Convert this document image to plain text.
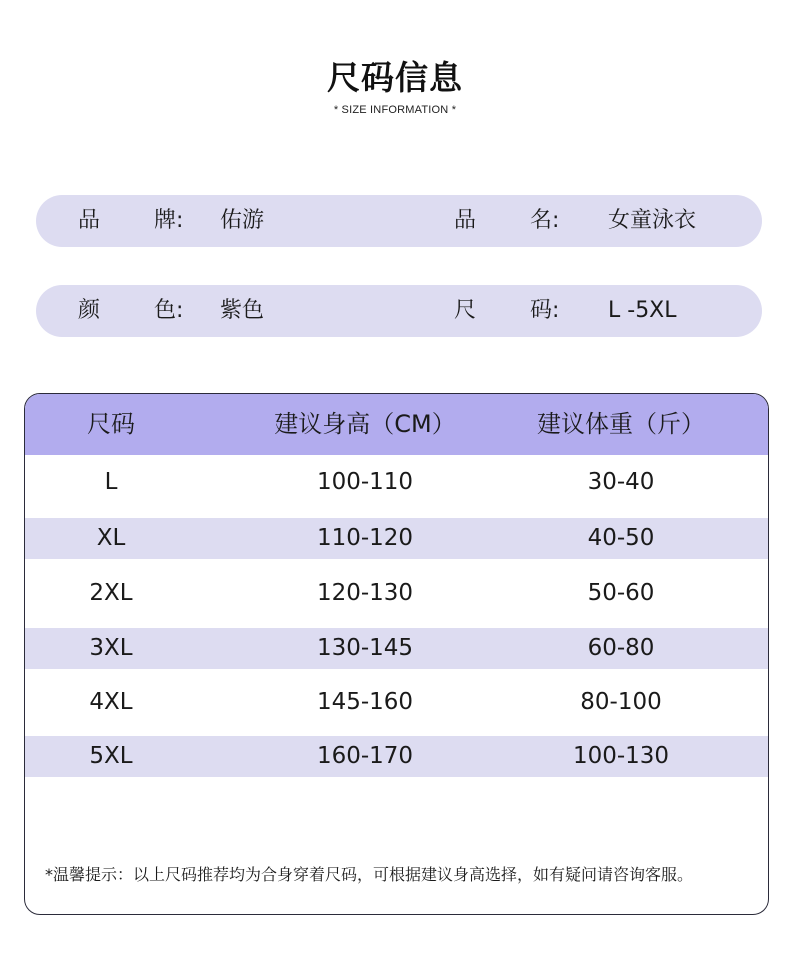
尺码信息
* SIZE INFORMATION *
品 牌: 佑游	品 名: 女童泳衣
颜 色: 紫色	尺 码: L -5XL
尺码	建议身高（CM）	建议体重（斤）
L	100-110	30-40
XL	110-120	40-50
2XL	120-130	50-60
3XL	130-145	60-80
4XL	145-160	80-100
5XL	160-170	100-130
*温馨提示：以上尺码推荐均为合身穿着尺码，可根据建议身高选择，如有疑问请咨询客服。
